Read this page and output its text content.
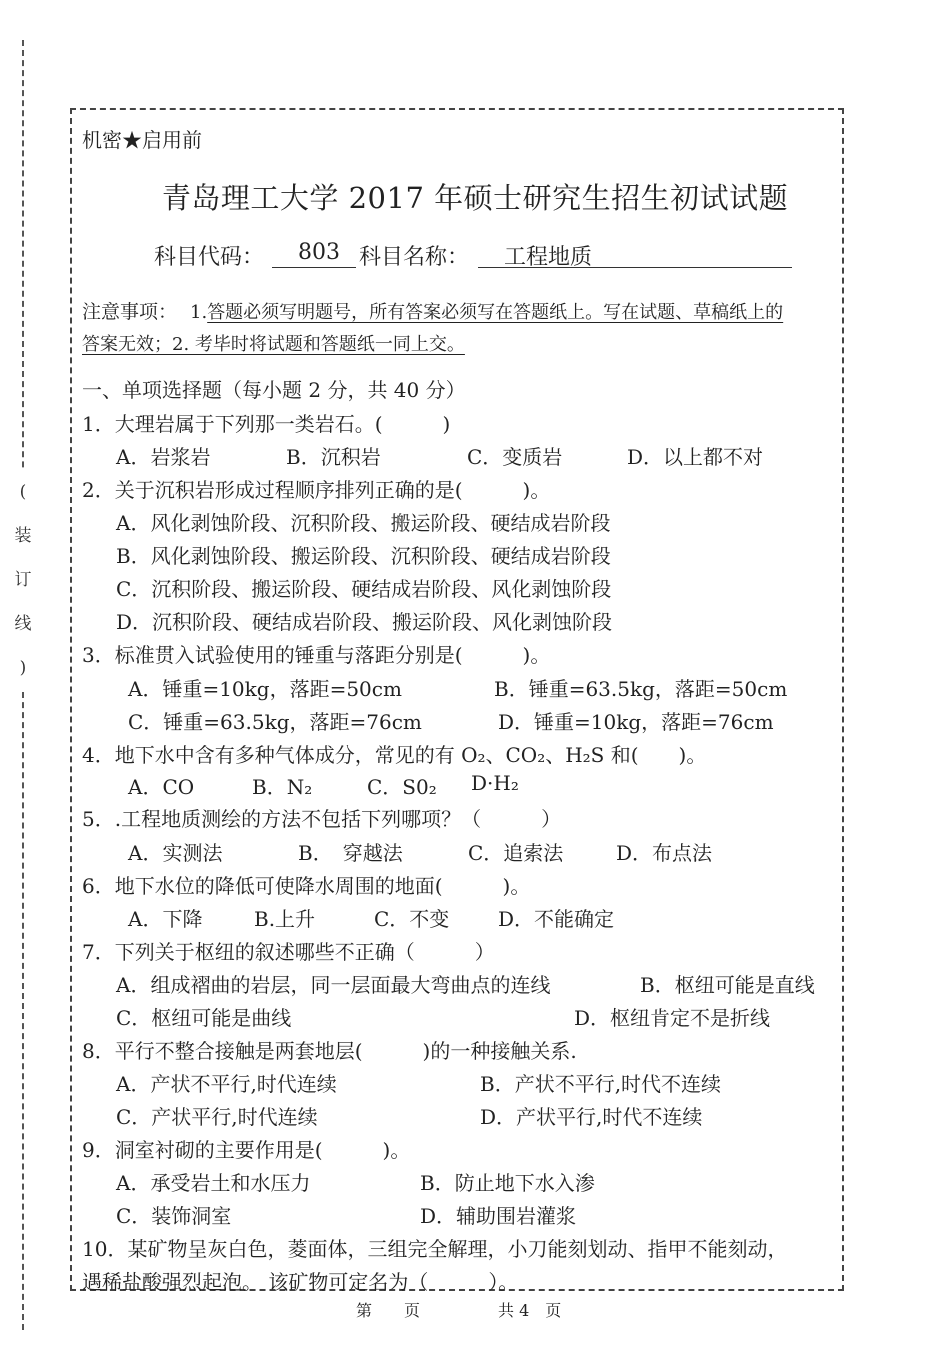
(
装
订
线
)
机密★启用前
青岛理工大学 2017 年硕士研究生招生初试试题
科目代码： 803 科目名称： 工程地质
注意事项： 1.答题必须写明题号，所有答案必须写在答题纸上。写在试题、草稿纸上的
答案无效；2. 考毕时将试题和答题纸一同上交。
一、单项选择题（每小题 2 分，共 40 分）
1．大理岩属于下列那一类岩石。(　　　)
A．岩浆岩	B．沉积岩	C．变质岩	D．以上都不对
2．关于沉积岩形成过程顺序排列正确的是(　　　)。
A．风化剥蚀阶段、沉积阶段、搬运阶段、硬结成岩阶段
B．风化剥蚀阶段、搬运阶段、沉积阶段、硬结成岩阶段
C．沉积阶段、搬运阶段、硬结成岩阶段、风化剥蚀阶段
D．沉积阶段、硬结成岩阶段、搬运阶段、风化剥蚀阶段
3．标准贯入试验使用的锤重与落距分别是(　　　)。
A．锤重=10kg，落距=50cm	B．锤重=63.5kg，落距=50cm
C．锤重=63.5kg，落距=76cm	D．锤重=10kg，落距=76cm
4．地下水中含有多种气体成分，常见的有 O₂、CO₂、H₂S 和(　　)。
A．CO	B．N₂	C．S0₂ D·H₂
5．.工程地质测绘的方法不包括下列哪项？（　　　）
A．实测法	B．　穿越法	C．追索法	D．布点法
6．地下水位的降低可使降水周围的地面(　　　)。
A．下降	B.上升	C．不变 D．不能确定
7．下列关于枢纽的叙述哪些不正确（　　　）
A．组成褶曲的岩层，同一层面最大弯曲点的连线	B．枢纽可能是直线
C．枢纽可能是曲线	D．枢纽肯定不是折线
8．平行不整合接触是两套地层(　　　)的一种接触关系.
A．产状不平行,时代连续	B．产状不平行,时代不连续
C．产状平行,时代连续	D．产状平行,时代不连续
9．洞室衬砌的主要作用是(　　　)。
A．承受岩土和水压力	B．防止地下水入渗
C．装饰洞室	D．辅助围岩灌浆
10．某矿物呈灰白色，菱面体，三组完全解理，小刀能刻划动、指甲不能刻动，
遇稀盐酸强烈起泡。 该矿物可定名为（　　　）。
第　　页	共 4　页
